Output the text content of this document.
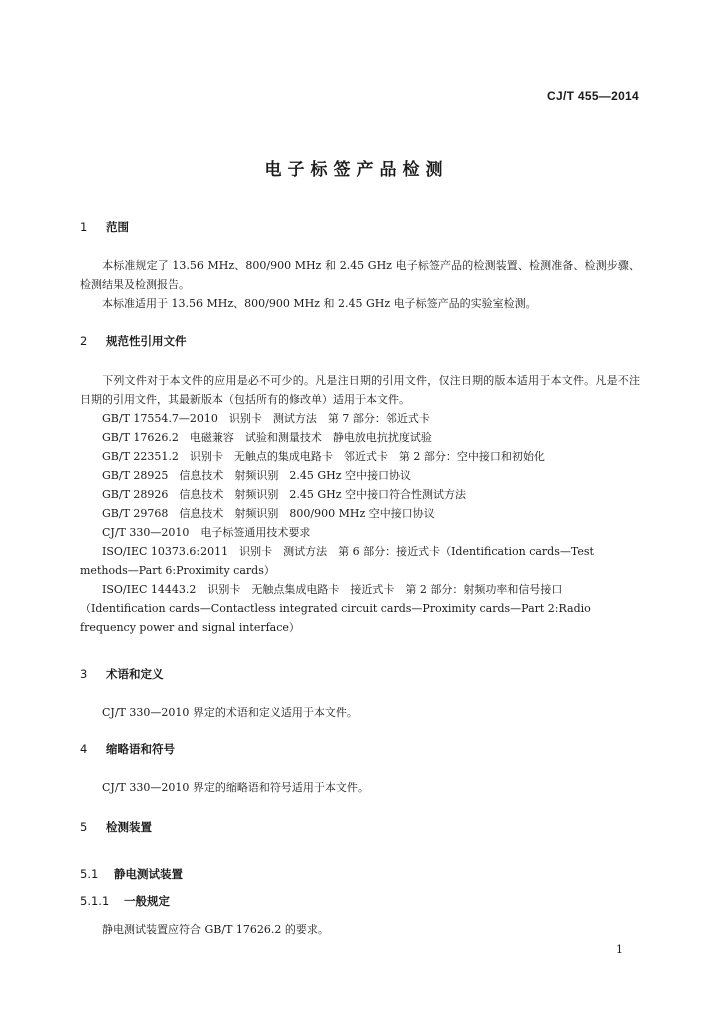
CJ/T 455—2014
电子标签产品检测
1 范围
本标准规定了 13.56 MHz、800/900 MHz 和 2.45 GHz 电子标签产品的检测装置、检测准备、检测步骤、检测结果及检测报告。
本标准适用于 13.56 MHz、800/900 MHz 和 2.45 GHz 电子标签产品的实验室检测。
2 规范性引用文件
下列文件对于本文件的应用是必不可少的。凡是注日期的引用文件，仅注日期的版本适用于本文件。凡是不注日期的引用文件，其最新版本（包括所有的修改单）适用于本文件。
GB/T 17554.7—2010　识别卡　测试方法　第 7 部分：邻近式卡
GB/T 17626.2　电磁兼容　试验和测量技术　静电放电抗扰度试验
GB/T 22351.2　识别卡　无触点的集成电路卡　邻近式卡　第 2 部分：空中接口和初始化
GB/T 28925　信息技术　射频识别　2.45 GHz 空中接口协议
GB/T 28926　信息技术　射频识别　2.45 GHz 空中接口符合性测试方法
GB/T 29768　信息技术　射频识别　800/900 MHz 空中接口协议
CJ/T 330—2010　电子标签通用技术要求
ISO/IEC 10373.6:2011　识别卡　测试方法　第 6 部分：接近式卡（Identification cards—Test methods—Part 6:Proximity cards）
ISO/IEC 14443.2　识别卡　无触点集成电路卡　接近式卡　第 2 部分：射频功率和信号接口（Identification cards—Contactless integrated circuit cards—Proximity cards—Part 2:Radio frequency power and signal interface）
3 术语和定义
CJ/T 330—2010 界定的术语和定义适用于本文件。
4 缩略语和符号
CJ/T 330—2010 界定的缩略语和符号适用于本文件。
5 检测装置
5.1 静电测试装置
5.1.1 一般规定
静电测试装置应符合 GB/T 17626.2 的要求。
1
